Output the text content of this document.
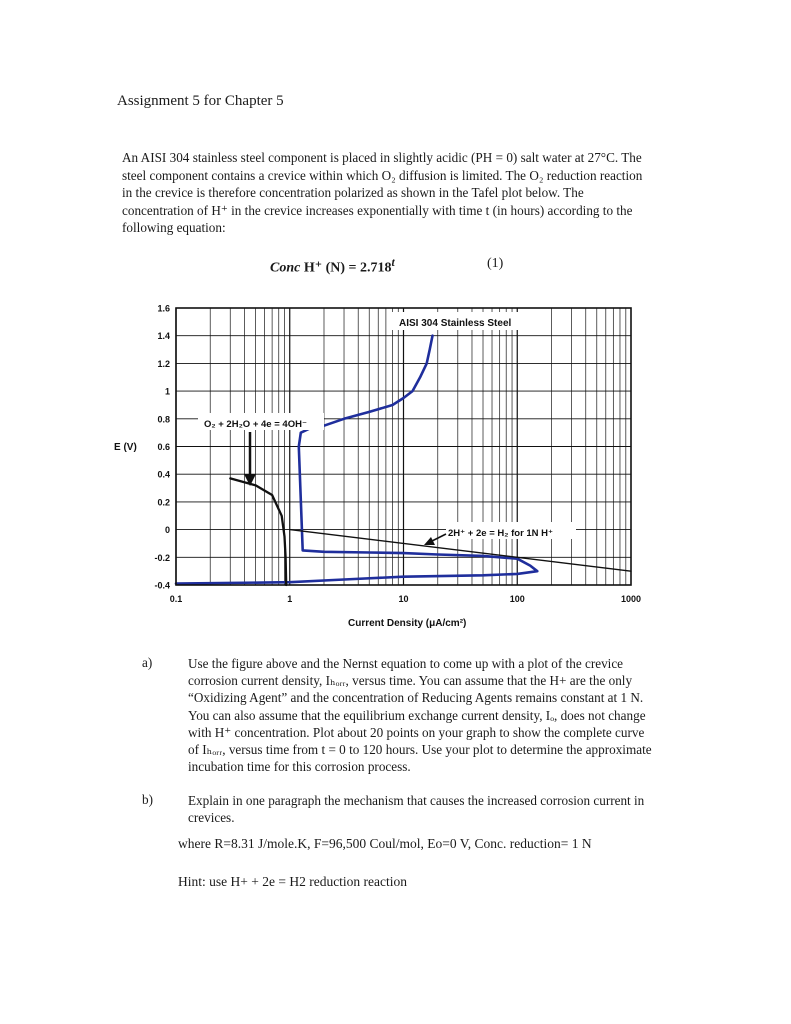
Assignment 5 for Chapter 5

An AISI 304 stainless steel component is placed in slightly acidic (PH = 0) salt water at 27°C. The steel component contains a crevice within which O₂ diffusion is limited. The O₂ reduction reaction in the crevice is therefore concentration polarized as shown in the Tafel plot below. The concentration of H⁺ in the crevice increases exponentially with time t (in hours) according to the following equation:

Conc H⁺ $(N) = 2.718^t$	(1)
1.6
1.4
1.2
1
0.8
0.6
0.4
0.2
0
-0.2
-0.4
0.1	1	10	100	1000
E (V)
Current Density (μA/cm²)
AISI 304 Stainless Steel
O₂ + 2H₂O + 4e = 4OH⁻
2H⁺ + 2e = H₂ for 1N H⁺
a)	Use the figure above and the Nernst equation to come up with a plot of the crevice corrosion current density, Iₕₒᵣᵣ, versus time. You can assume that the H+ are the only “Oxidizing Agent” and the concentration of Reducing Agents remains constant at 1 N. You can also assume that the equilibrium exchange current density, Iₒ, does not change with H⁺ concentration. Plot about 20 points on your graph to show the complete curve of Iₕₒᵣᵣ, versus time from t = 0 to 120 hours. Use your plot to determine the approximate incubation time for this corrosion process.
b)	Explain in one paragraph the mechanism that causes the increased corrosion current in crevices.
where R=8.31 J/mole.K, F=96,500 Coul/mol, Eo=0 V, Conc. reduction= 1 N
Hint: use H+ + 2e = H2 reduction reaction
